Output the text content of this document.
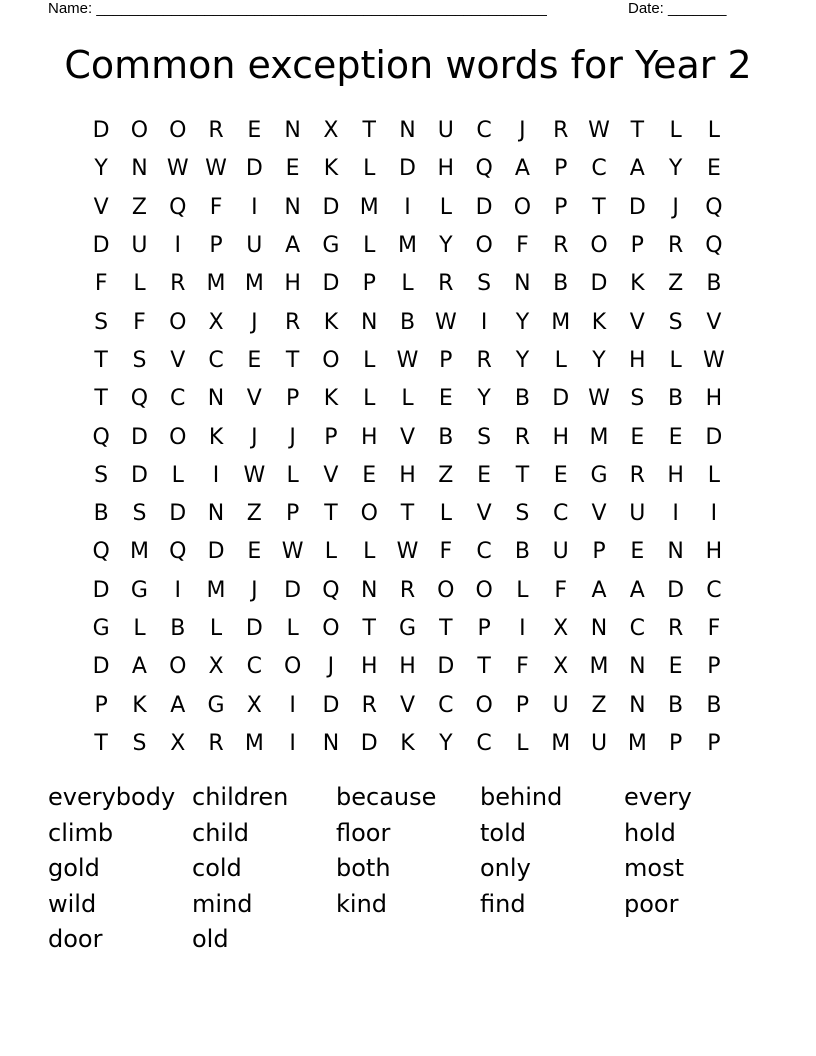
Name: ______________________________________________________	Date: _______
Common exception words for Year 2
D O O R	E	N	X	T	N	U	C	J	R W T	L	L
Y	N W W D	E	K	L	D H Q	A	P	C	A	Y	E
V	Z	Q	F	I	N D M	I	L	D O	P	T	D	J	Q
D U	I	P	U	A	G	L	M	Y	O	F	R O	P	R Q
F	L	R M M H D	P	L	R	S	N	B	D	K	Z	B
S	F	O	X	J	R	K	N	B W	I	Y	M K	V	S	V
T	S	V	C	E	T	O	L W P	R	Y	L	Y	H	L W
T	Q C	N	V	P	K	L	L	E	Y	B	D W S	B	H
Q D O	K	J	J	P	H	V	B	S	R	H M E	E	D
S	D	L	I	W L	V	E	H	Z	E	T	E	G	R	H	L
B	S	D N	Z	P	T	O	T	L	V	S	C	V	U	I	I
Q M Q D	E W L	L W F	C	B	U	P	E	N H
D G	I	M	J	D Q N	R O O	L	F	A	A	D	C
G	L	B	L	D	L	O	T	G	T	P	I	X	N	C	R	F
D	A	O	X	C O	J	H H D	T	F	X M N	E	P
P	K	A	G	X	I	D	R	V	C O	P	U	Z	N	B	B
T	S	X	R M	I	N D	K	Y	C	L	M U M	P	P
everybody children	because	behind	every
climb	child	floor	told	hold
gold	cold	both	only	most
wild	mind	kind	find	poor
door	old
